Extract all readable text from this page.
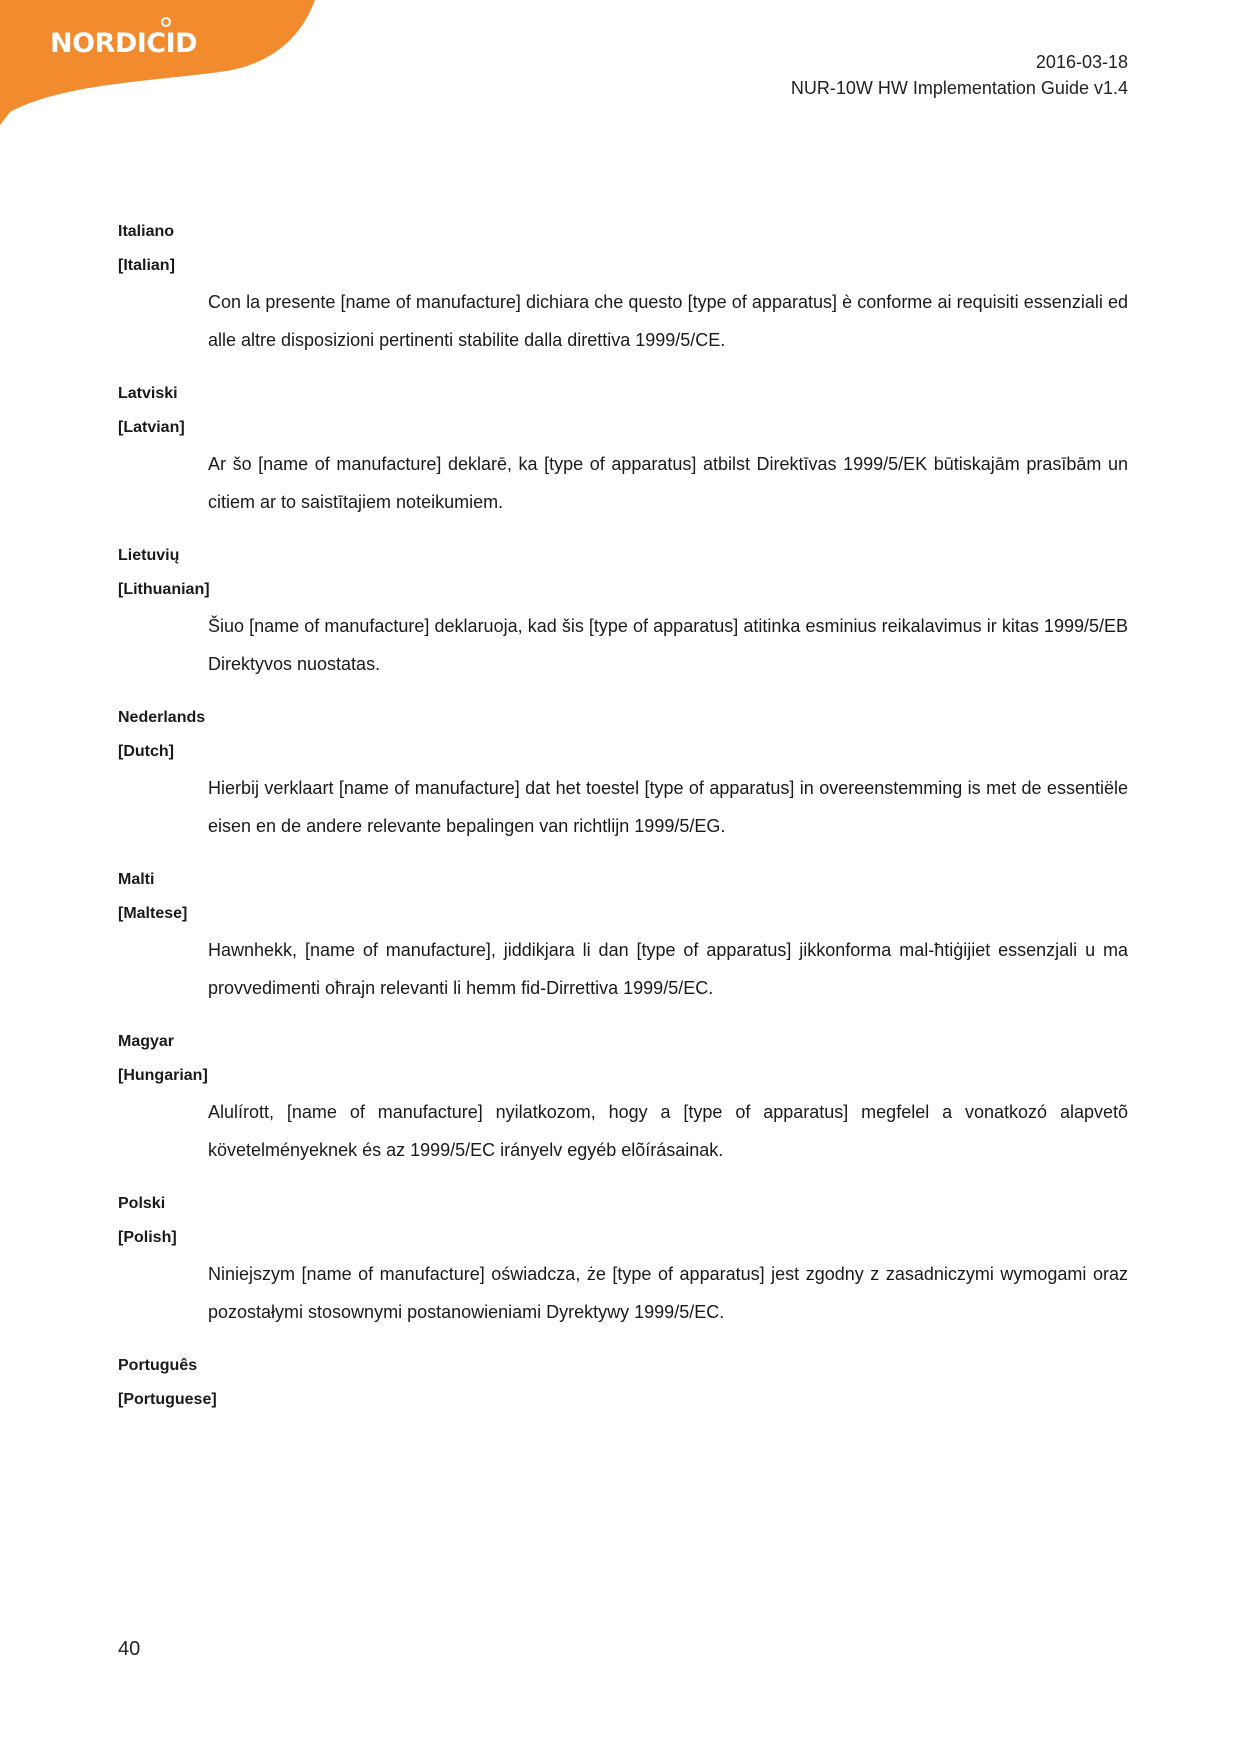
NORDICID
2016-03-18
NUR-10W HW Implementation Guide v1.4

Italiano

[Italian]

Con la presente [name of manufacture] dichiara che questo [type of apparatus] è conforme ai requisiti essenziali ed alle altre disposizioni pertinenti stabilite dalla direttiva 1999/5/CE.

Latviski

[Latvian]

Ar šo [name of manufacture] deklarē, ka [type of apparatus] atbilst Direktīvas 1999/5/EK būtiskajām prasībām un citiem ar to saistītajiem noteikumiem.

Lietuvių

[Lithuanian]

Šiuo [name of manufacture] deklaruoja, kad šis [type of apparatus] atitinka esminius reikalavimus ir kitas 1999/5/EB Direktyvos nuostatas.

Nederlands

[Dutch]

Hierbij verklaart [name of manufacture] dat het toestel [type of apparatus] in overeenstemming is met de essentiële eisen en de andere relevante bepalingen van richtlijn 1999/5/EG.

Malti

[Maltese]

Hawnhekk, [name of manufacture], jiddikjara li dan [type of apparatus] jikkonforma mal-ħtiġijiet essenzjali u ma provvedimenti oħrajn relevanti li hemm fid-Dirrettiva 1999/5/EC.

Magyar

[Hungarian]

Alulírott, [name of manufacture] nyilatkozom, hogy a [type of apparatus] megfelel a vonatkozó alapvetõ követelményeknek és az 1999/5/EC irányelv egyéb elõírásainak.

Polski

[Polish]

Niniejszym [name of manufacture] oświadcza, że [type of apparatus] jest zgodny z zasadniczymi wymogami oraz pozostałymi stosownymi postanowieniami Dyrektywy 1999/5/EC.

Português

[Portuguese]

40
